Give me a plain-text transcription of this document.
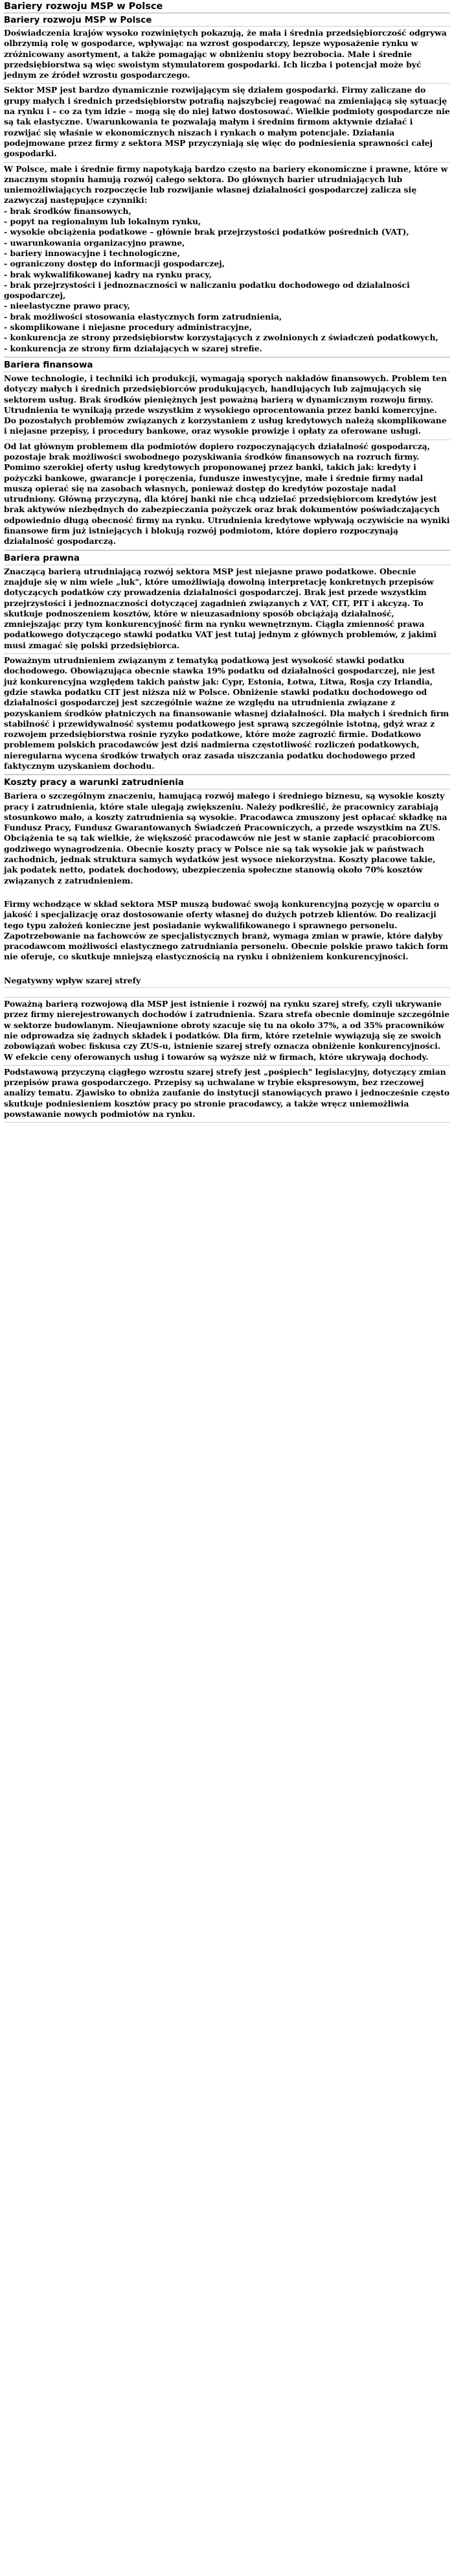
Bariery rozwoju MSP w Polsce
Bariery rozwoju MSP w Polsce

Doświadczenia krajów wysoko rozwiniętych pokazują, że mała i średnia przedsiębiorczość odgrywa olbrzymią rolę w gospodarce, wpływając na wzrost gospodarczy, lepsze wyposażenie rynku w zróżnicowany asortyment, a także pomagając w obniżeniu stopy bezrobocia. Małe i średnie przedsiębiorstwa są więc swoistym stymulatorem gospodarki. Ich liczba i potencjał może być jednym ze źródeł wzrostu gospodarczego.

Sektor MSP jest bardzo dynamicznie rozwijającym się działem gospodarki. Firmy zaliczane do grupy małych i średnich przedsiębiorstw potrafią najszybciej reagować na zmieniającą się sytuację na rynku i – co za tym idzie – mogą się do niej łatwo dostosować. Wielkie podmioty gospodarcze nie są tak elastyczne. Uwarunkowania te pozwalają małym i średnim firmom aktywnie działać i rozwijać się właśnie w ekonomicznych niszach i rynkach o małym potencjale. Działania podejmowane przez firmy z sektora MSP przyczyniają się więc do podniesienia sprawności całej gospodarki.

W Polsce, małe i średnie firmy napotykają bardzo często na bariery ekonomiczne i prawne, które w znacznym stopniu hamują rozwój całego sektora. Do głównych barier utrudniających lub uniemożliwiających rozpoczęcie lub rozwijanie własnej działalności gospodarczej zalicza się zazwyczaj następujące czynniki:
- brak środków finansowych,
- popyt na regionalnym lub lokalnym rynku,
- wysokie obciążenia podatkowe – głównie brak przejrzystości podatków pośrednich (VAT),
- uwarunkowania organizacyjno prawne,
- bariery innowacyjne i technologiczne,
- ograniczony dostęp do informacji gospodarczej,
- brak wykwalifikowanej kadry na rynku pracy,
- brak przejrzystości i jednoznaczności w naliczaniu podatku dochodowego od działalności gospodarczej,
- nieelastyczne prawo pracy,
- brak możliwości stosowania elastycznych form zatrudnienia,
- skomplikowane i niejasne procedury administracyjne,
- konkurencja ze strony przedsiębiorstw korzystających z zwolnionych z świadczeń podatkowych,
- konkurencja ze strony firm działających w szarej strefie.

Bariera finansowa

Nowe technologie, i techniki ich produkcji, wymagają sporych nakładów finansowych. Problem ten dotyczy małych i średnich przedsiębiorców produkujących, handlujących lub zajmujących się sektorem usług. Brak środków pieniężnych jest poważną barierą w dynamicznym rozwoju firmy. Utrudnienia te wynikają przede wszystkim z wysokiego oprocentowania przez banki komercyjne. Do pozostałych problemów związanych z korzystaniem z usług kredytowych należą skomplikowane i niejasne przepisy, i procedury bankowe, oraz wysokie prowizje i opłaty za oferowane usługi.

Od lat głównym problemem dla podmiotów dopiero rozpoczynających działalność gospodarczą, pozostaje brak możliwości swobodnego pozyskiwania środków finansowych na rozruch firmy. Pomimo szerokiej oferty usług kredytowych proponowanej przez banki, takich jak: kredyty i pożyczki bankowe, gwarancje i poręczenia, fundusze inwestycyjne, małe i średnie firmy nadal muszą opierać się na zasobach własnych, ponieważ dostęp do kredytów pozostaje nadal utrudniony. Główną przyczyną, dla której banki nie chcą udzielać przedsiębiorcom kredytów jest brak aktywów niezbędnych do zabezpieczania pożyczek oraz brak dokumentów poświadczających odpowiednio długą obecność firmy na rynku. Utrudnienia kredytowe wpływają oczywiście na wyniki finansowe firm już istniejących i blokują rozwój podmiotom, które dopiero rozpoczynają działalność gospodarczą.

Bariera prawna

Znaczącą barierą utrudniającą rozwój sektora MSP jest niejasne prawo podatkowe. Obecnie znajduje się w nim wiele „luk", które umożliwiają dowolną interpretację konkretnych przepisów dotyczących podatków czy prowadzenia działalności gospodarczej. Brak jest przede wszystkim przejrzystości i jednoznaczności dotyczącej zagadnień związanych z VAT, CIT, PIT i akcyzą. To skutkuje podnoszeniem kosztów, które w nieuzasadniony sposób obciążają działalność, zmniejszając przy tym konkurencyjność firm na rynku wewnętrznym. Ciągła zmienność prawa podatkowego dotyczącego stawki podatku VAT jest tutaj jednym z głównych problemów, z jakimi musi zmagać się polski przedsiębiorca.

Poważnym utrudnieniem związanym z tematyką podatkową jest wysokość stawki podatku dochodowego. Obowiązująca obecnie stawka 19% podatku od działalności gospodarczej, nie jest już konkurencyjna względem takich państw jak: Cypr, Estonia, Łotwa, Litwa, Rosja czy Irlandia, gdzie stawka podatku CIT jest niższa niż w Polsce. Obniżenie stawki podatku dochodowego od działalności gospodarczej jest szczególnie ważne ze względu na utrudnienia związane z pozyskaniem środków płatniczych na finansowanie własnej działalności. Dla małych i średnich firm stabilność i przewidywalność systemu podatkowego jest sprawą szczególnie istotną, gdyż wraz z rozwojem przedsiębiorstwa rośnie ryzyko podatkowe, które może zagrozić firmie. Dodatkowo problemem polskich pracodawców jest dziś nadmierna częstotliwość rozliczeń podatkowych, nieregularna wycena środków trwałych oraz zasada uiszczania podatku dochodowego przed faktycznym uzyskaniem dochodu.

Koszty pracy a warunki zatrudnienia

Bariera o szczególnym znaczeniu, hamującą rozwój małego i średniego biznesu, są wysokie koszty pracy i zatrudnienia, które stale ulegają zwiększeniu. Należy podkreślić, że pracownicy zarabiają stosunkowo mało, a koszty zatrudnienia są wysokie. Pracodawca zmuszony jest opłacać składkę na Fundusz Pracy, Fundusz Gwarantowanych Świadczeń Pracowniczych, a przede wszystkim na ZUS. Obciążenia te są tak wielkie, że większość pracodawców nie jest w stanie zapłacić pracobiorcom godziwego wynagrodzenia. Obecnie koszty pracy w Polsce nie są tak wysokie jak w państwach zachodnich, jednak struktura samych wydatków jest wysoce niekorzystna. Koszty płacowe takie, jak podatek netto, podatek dochodowy, ubezpieczenia społeczne stanowią około 70% kosztów związanych z zatrudnieniem.

Firmy wchodzące w skład sektora MSP muszą budować swoją konkurencyjną pozycję w oparciu o jakość i specjalizację oraz dostosowanie oferty własnej do dużych potrzeb klientów. Do realizacji tego typu założeń konieczne jest posiadanie wykwalifikowanego i sprawnego personelu. Zapotrzebowanie na fachowców ze specjalistycznych branż, wymaga zmian w prawie, które dałyby pracodawcom możliwości elastycznego zatrudniania personelu. Obecnie polskie prawo takich form nie oferuje, co skutkuje mniejszą elastycznością na rynku i obniżeniem konkurencyjności.

Negatywny wpływ szarej strefy

Poważną barierą rozwojową dla MSP jest istnienie i rozwój na rynku szarej strefy, czyli ukrywanie przez firmy nierejestrowanych dochodów i zatrudnienia. Szara strefa obecnie dominuje szczególnie w sektorze budowlanym. Nieujawnione obroty szacuje się tu na około 37%, a od 35% pracowników nie odprowadza się żadnych składek i podatków. Dla firm, które rzetelnie wywiązują się ze swoich zobowiązań wobec fiskusa czy ZUS-u, istnienie szarej strefy oznacza obniżenie konkurencyjności. W efekcie ceny oferowanych usług i towarów są wyższe niż w firmach, które ukrywają dochody.

Podstawową przyczyną ciągłego wzrostu szarej strefy jest „pośpiech" legislacyjny, dotyczący zmian przepisów prawa gospodarczego. Przepisy są uchwalane w trybie ekspresowym, bez rzeczowej analizy tematu. Zjawisko to obniża zaufanie do instytucji stanowiących prawo i jednocześnie często skutkuje podniesieniem kosztów pracy po stronie pracodawcy, a także wręcz uniemożliwia powstawanie nowych podmiotów na rynku.
